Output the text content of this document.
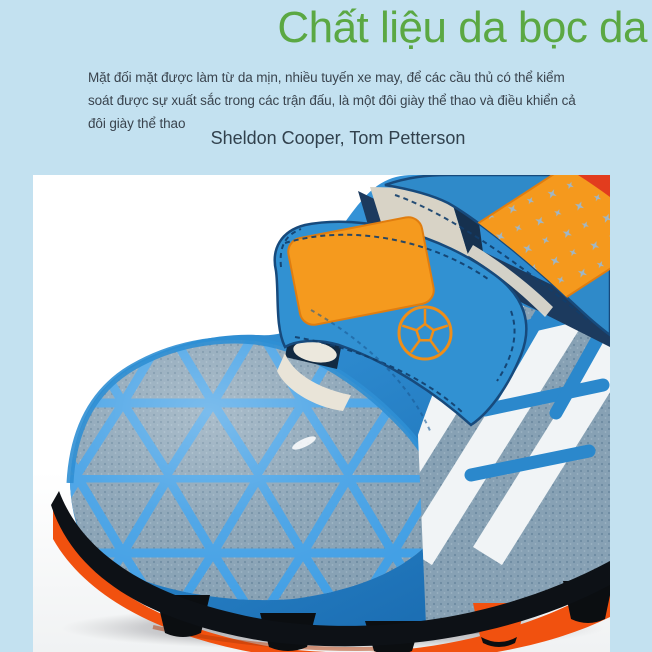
Chất liệu da bọc da
Mặt đối mặt được làm từ da mịn, nhiều tuyến xe may, để các cầu thủ có thể kiểm soát được sự xuất sắc trong các trận đấu, là một đôi giày thể thao và điều khiển cả đôi giày thể thao
Sheldon Cooper, Tom Petterson
